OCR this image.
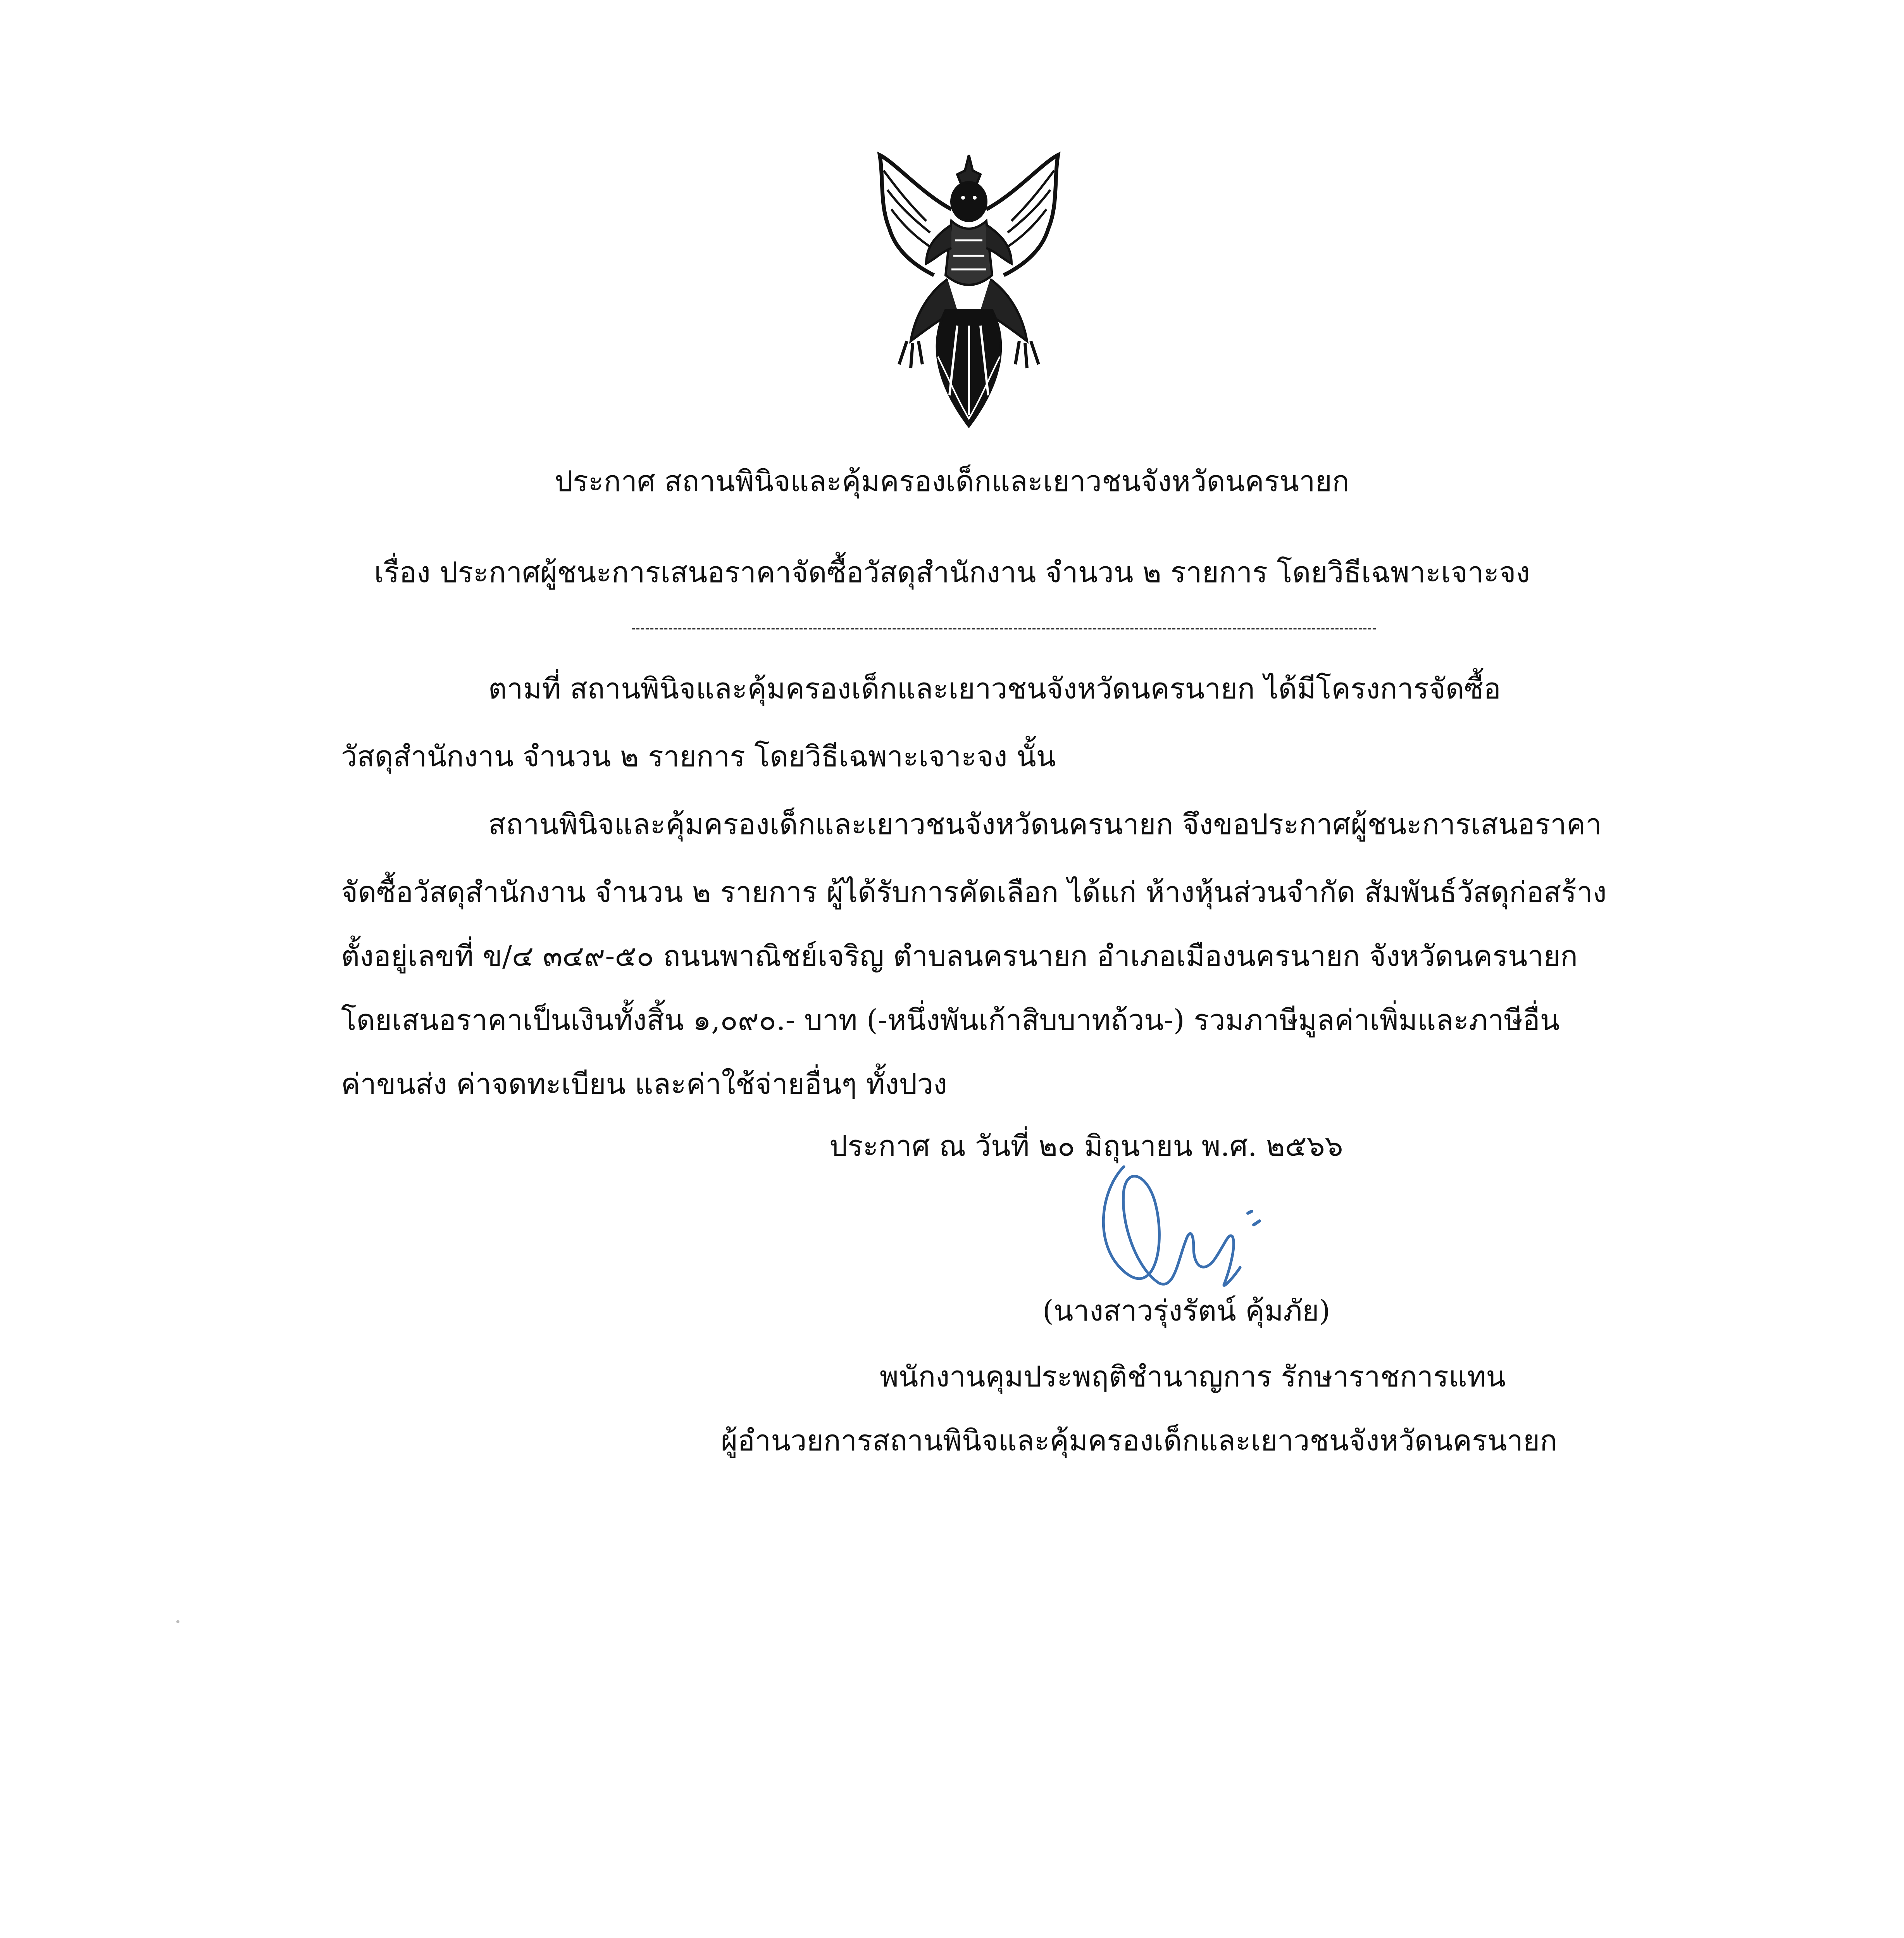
ประกาศ สถานพินิจและคุ้มครองเด็กและเยาวชนจังหวัดนครนายก
เรื่อง ประกาศผู้ชนะการเสนอราคาจัดซื้อวัสดุสำนักงาน จำนวน ๒ รายการ โดยวิธีเฉพาะเจาะจง
ตามที่ สถานพินิจและคุ้มครองเด็กและเยาวชนจังหวัดนครนายก ได้มีโครงการจัดซื้อ
วัสดุสำนักงาน จำนวน ๒ รายการ โดยวิธีเฉพาะเจาะจง นั้น
สถานพินิจและคุ้มครองเด็กและเยาวชนจังหวัดนครนายก จึงขอประกาศผู้ชนะการเสนอราคา
จัดซื้อวัสดุสำนักงาน จำนวน ๒ รายการ ผู้ได้รับการคัดเลือก ได้แก่ ห้างหุ้นส่วนจำกัด สัมพันธ์วัสดุก่อสร้าง
ตั้งอยู่เลขที่ ข/๔ ๓๔๙-๕๐ ถนนพาณิชย์เจริญ ตำบลนครนายก อำเภอเมืองนครนายก จังหวัดนครนายก
โดยเสนอราคาเป็นเงินทั้งสิ้น ๑,๐๙๐.- บาท (-หนึ่งพันเก้าสิบบาทถ้วน-) รวมภาษีมูลค่าเพิ่มและภาษีอื่น
ค่าขนส่ง ค่าจดทะเบียน และค่าใช้จ่ายอื่นๆ ทั้งปวง
ประกาศ ณ วันที่ ๒๐ มิถุนายน พ.ศ. ๒๕๖๖
(นางสาวรุ่งรัตน์ คุ้มภัย)
พนักงานคุมประพฤติชำนาญการ รักษาราชการแทน
ผู้อำนวยการสถานพินิจและคุ้มครองเด็กและเยาวชนจังหวัดนครนายก
